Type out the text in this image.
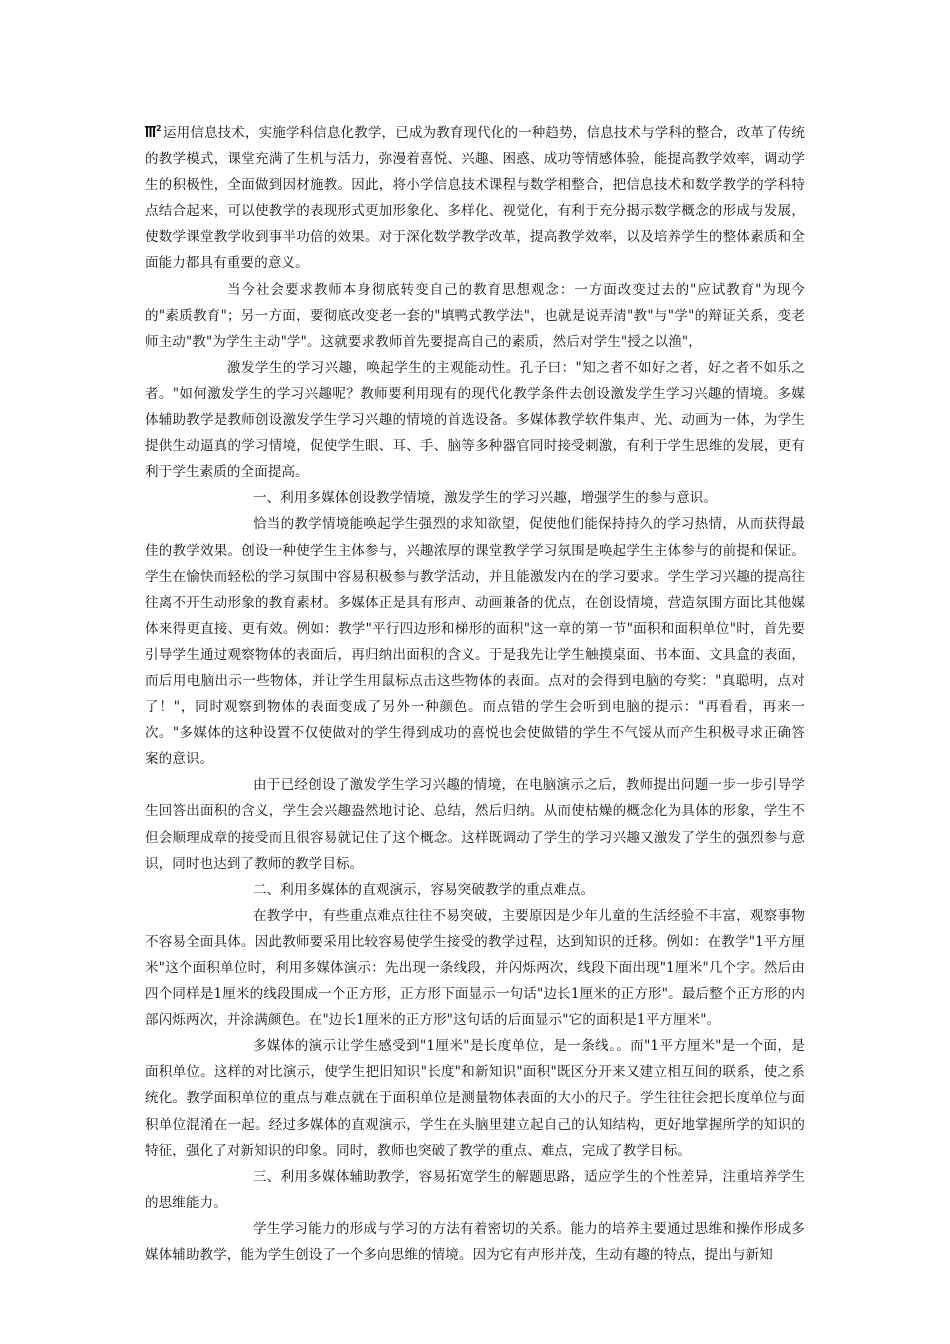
2 运用信息技术，实施学科信息化教学，已成为教育现代化的一种趋势，信息技术与学科的整合，改革了传统的教学模式，课堂充满了生机与活力，弥漫着喜悦、兴趣、困惑、成功等情感体验，能提高教学效率，调动学生的积极性，全面做到因材施教。因此，将小学信息技术课程与数学相整合，把信息技术和数学教学的学科特点结合起来，可以使教学的表现形式更加形象化、多样化、视觉化，有利于充分揭示数学概念的形成与发展，使数学课堂教学收到事半功倍的效果。对于深化数学教学改革，提高教学效率，以及培养学生的整体素质和全面能力都具有重要的意义。

当今社会要求教师本身彻底转变自己的教育思想观念：一方面改变过去的"应试教育"为现今的"素质教育"；另一方面，要彻底改变老一套的"填鸭式教学法"，也就是说弄清"教"与"学"的辩证关系，变老师主动"教"为学生主动"学"。这就要求教师首先要提高自己的素质，然后对学生"授之以渔"，

激发学生的学习兴趣，唤起学生的主观能动性。孔子曰："知之者不如好之者，好之者不如乐之者。"如何激发学生的学习兴趣呢？教师要利用现有的现代化教学条件去创设激发学生学习兴趣的情境。多媒体辅助教学是教师创设激发学生学习兴趣的情境的首选设备。多媒体教学软件集声、光、动画为一体，为学生提供生动逼真的学习情境，促使学生眼、耳、手、脑等多种器官同时接受刺激，有利于学生思维的发展，更有利于学生素质的全面提高。

一、利用多媒体创设教学情境，激发学生的学习兴趣，增强学生的参与意识。

恰当的教学情境能唤起学生强烈的求知欲望，促使他们能保持持久的学习热情，从而获得最佳的教学效果。创设一种使学生主体参与，兴趣浓厚的课堂教学学习氛围是唤起学生主体参与的前提和保证。学生在愉快而轻松的学习氛围中容易积极参与教学活动，并且能激发内在的学习要求。学生学习兴趣的提高往往离不开生动形象的教育素材。多媒体正是具有形声、动画兼备的优点，在创设情境，营造氛围方面比其他媒体来得更直接、更有效。例如：教学"平行四边形和梯形的面积"这一章的第一节"面积和面积单位"时，首先要引导学生通过观察物体的表面后，再归纳出面积的含义。于是我先让学生触摸桌面、书本面、文具盒的表面，而后用电脑出示一些物体，并让学生用鼠标点击这些物体的表面。点对的会得到电脑的夸奖："真聪明，点对了！"，同时观察到物体的表面变成了另外一种颜色。而点错的学生会听到电脑的提示："再看看，再来一次。"多媒体的这种设置不仅使做对的学生得到成功的喜悦也会使做错的学生不气馁从而产生积极寻求正确答案的意识。

由于已经创设了激发学生学习兴趣的情境，在电脑演示之后，教师提出问题一步一步引导学生回答出面积的含义，学生会兴趣盎然地讨论、总结，然后归纳。从而使枯燥的概念化为具体的形象，学生不但会顺理成章的接受而且很容易就记住了这个概念。这样既调动了学生的学习兴趣又激发了学生的强烈参与意识，同时也达到了教师的教学目标。

二、利用多媒体的直观演示，容易突破教学的重点难点。

在教学中，有些重点难点往往不易突破，主要原因是少年儿童的生活经验不丰富，观察事物不容易全面具体。因此教师要采用比较容易使学生接受的教学过程，达到知识的迁移。例如：在教学"1平方厘米"这个面积单位时，利用多媒体演示：先出现一条线段，并闪烁两次，线段下面出现"1厘米"几个字。然后由四个同样是1厘米的线段围成一个正方形，正方形下面显示一句话"边长1厘米的正方形"。最后整个正方形的内部闪烁两次，并涂满颜色。在"边长1厘米的正方形"这句话的后面显示"它的面积是1平方厘米"。

多媒体的演示让学生感受到"1厘米"是长度单位，是一条线。。而"1平方厘米"是一个面，是面积单位。这样的对比演示，使学生把旧知识"长度"和新知识"面积"既区分开来又建立相互间的联系，使之系统化。教学面积单位的重点与难点就在于面积单位是测量物体表面的大小的尺子。学生往往会把长度单位与面积单位混淆在一起。经过多媒体的直观演示，学生在头脑里建立起自己的认知结构，更好地掌握所学的知识的特征，强化了对新知识的印象。同时，教师也突破了教学的重点、难点，完成了教学目标。

三、利用多媒体辅助教学，容易拓宽学生的解题思路，适应学生的个性差异，注重培养学生的思维能力。

学生学习能力的形成与学习的方法有着密切的关系。能力的培养主要通过思维和操作形成多媒体辅助教学，能为学生创设了一个多向思维的情境。因为它有声形并茂，生动有趣的特点，提出与新知
